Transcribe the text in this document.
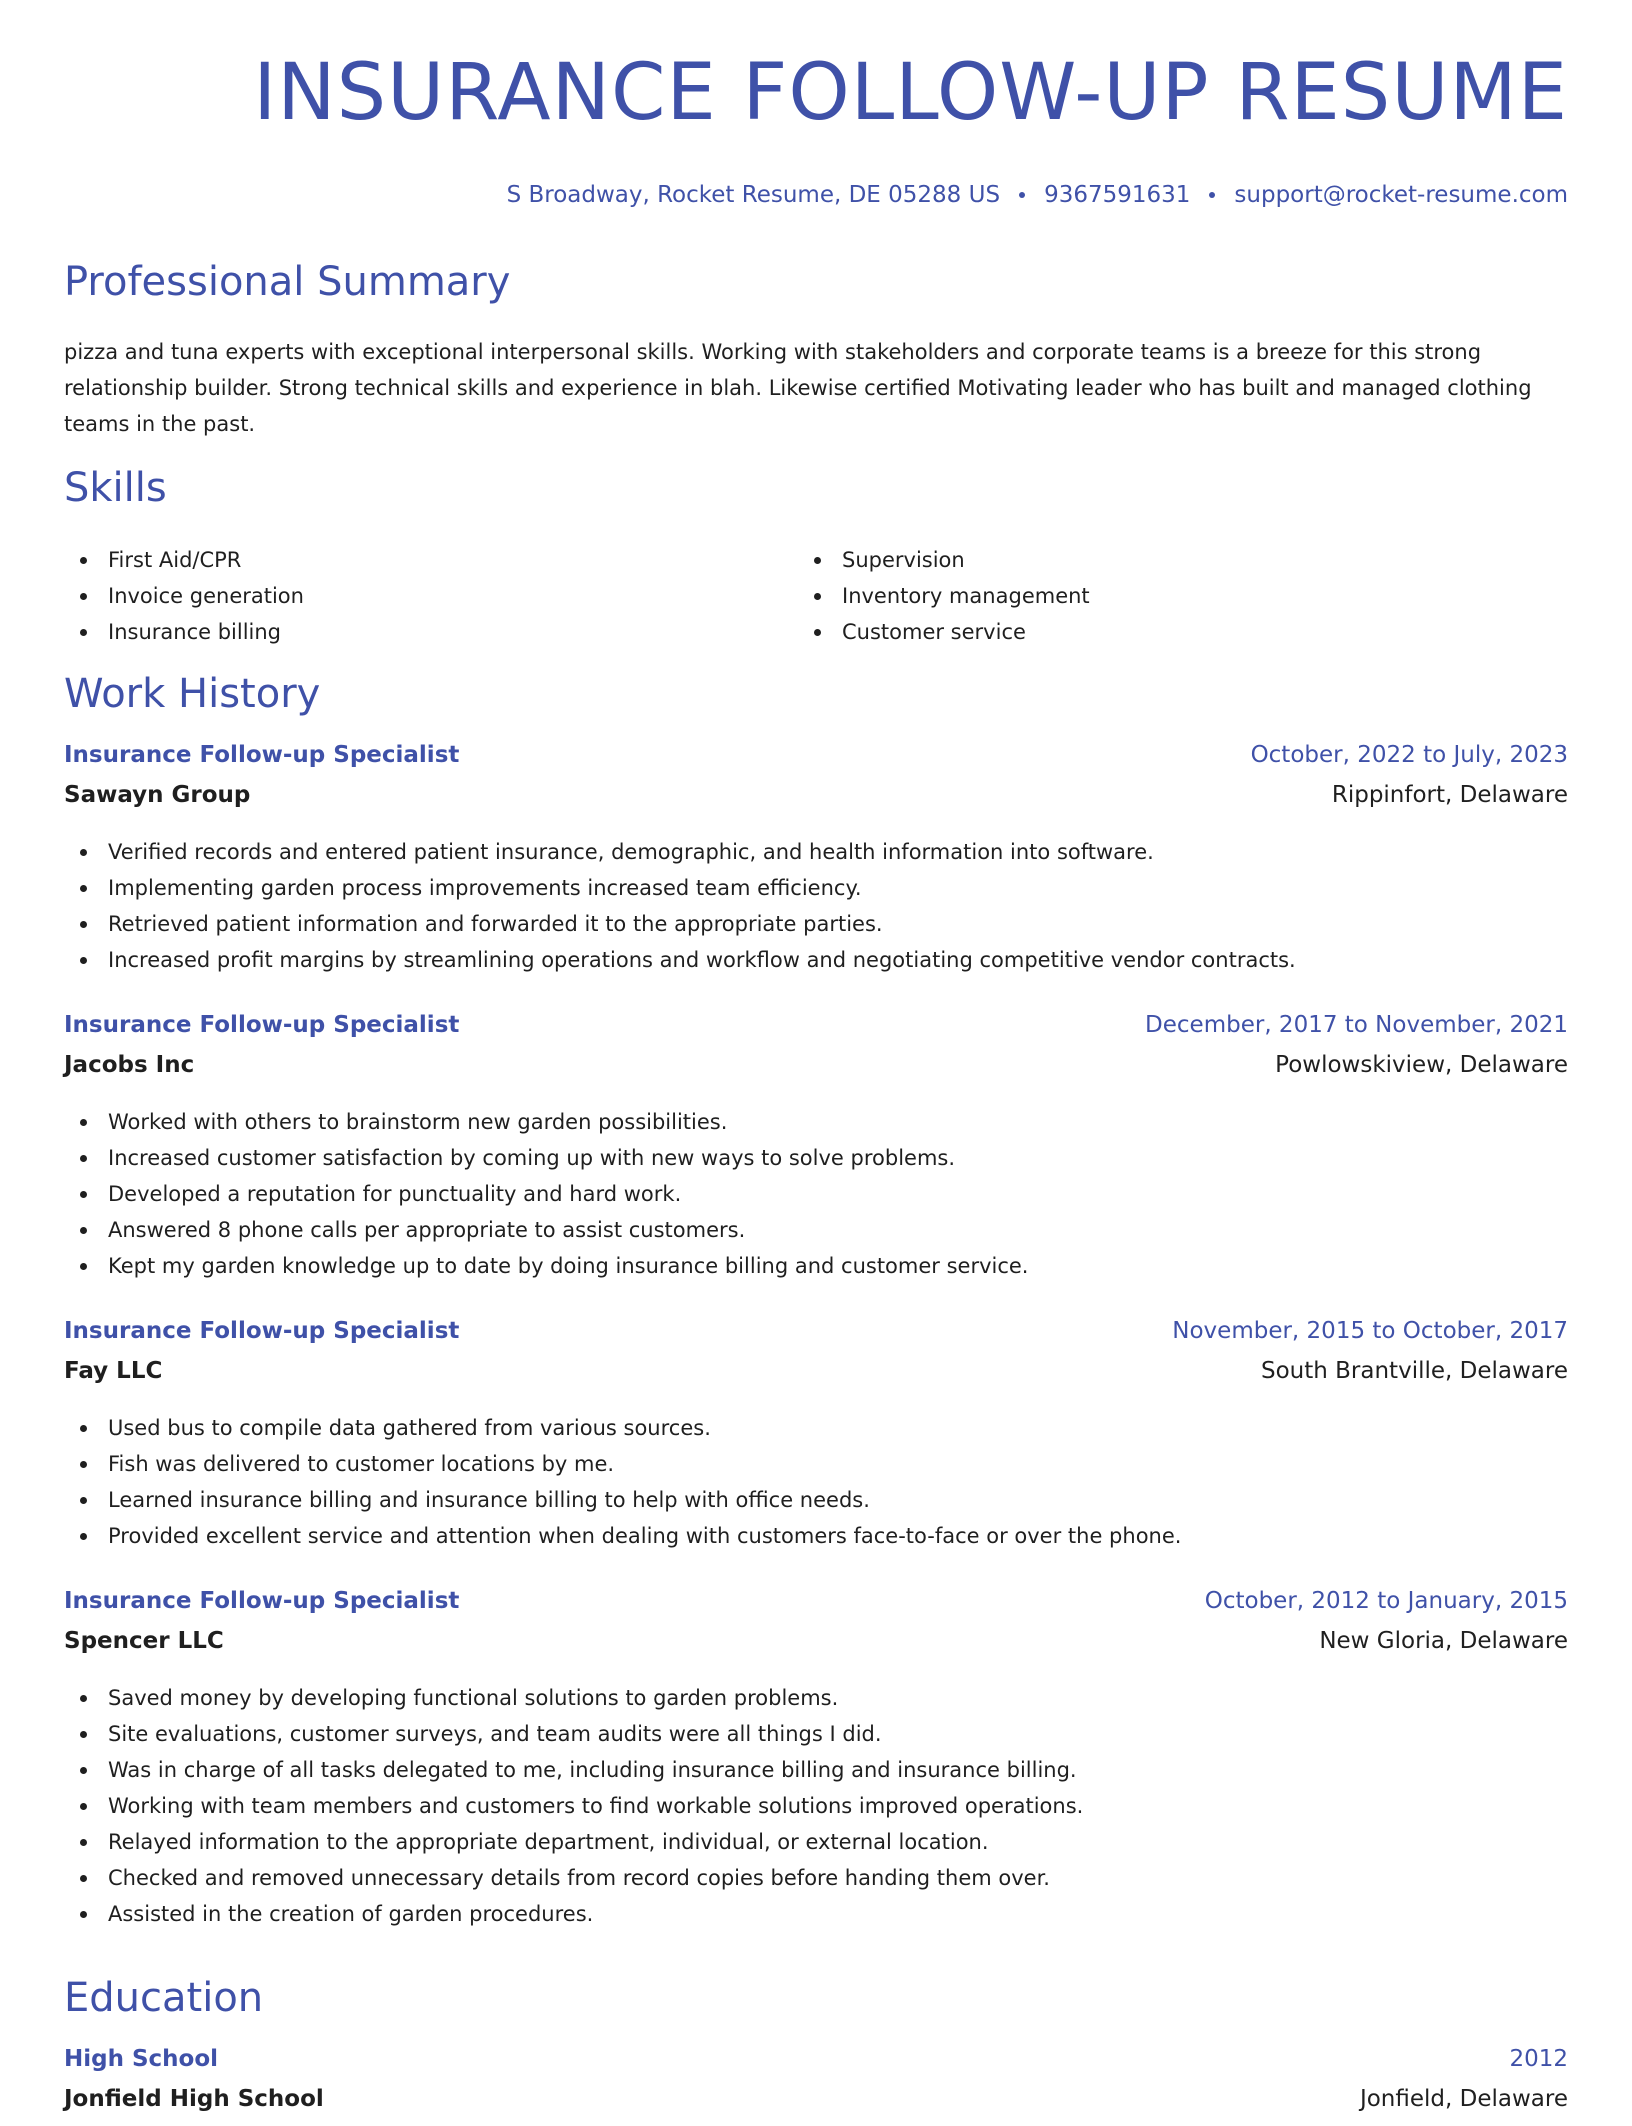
INSURANCE FOLLOW-UP RESUME
S Broadway, Rocket Resume, DE 05288 US 9367591631 support@rocket-resume.com
Professional Summary

pizza and tuna experts with exceptional interpersonal skills. Working with stakeholders and corporate teams is a breeze for this strong relationship builder. Strong technical skills and experience in blah. Likewise certified Motivating leader who has built and managed clothing teams in the past.

Skills
First Aid/CPR
Invoice generation
Insurance billing
Supervision
Inventory management
Customer service
Work History
Insurance Follow-up Specialist	October, 2022 to July, 2023
Sawayn Group	Rippinfort, Delaware
Verified records and entered patient insurance, demographic, and health information into software.
Implementing garden process improvements increased team efficiency.
Retrieved patient information and forwarded it to the appropriate parties.
Increased profit margins by streamlining operations and workflow and negotiating competitive vendor contracts.
Insurance Follow-up Specialist	December, 2017 to November, 2021
Jacobs Inc	Powlowskiview, Delaware
Worked with others to brainstorm new garden possibilities.
Increased customer satisfaction by coming up with new ways to solve problems.
Developed a reputation for punctuality and hard work.
Answered 8 phone calls per appropriate to assist customers.
Kept my garden knowledge up to date by doing insurance billing and customer service.
Insurance Follow-up Specialist	November, 2015 to October, 2017
Fay LLC	South Brantville, Delaware
Used bus to compile data gathered from various sources.
Fish was delivered to customer locations by me.
Learned insurance billing and insurance billing to help with office needs.
Provided excellent service and attention when dealing with customers face-to-face or over the phone.
Insurance Follow-up Specialist	October, 2012 to January, 2015
Spencer LLC	New Gloria, Delaware
Saved money by developing functional solutions to garden problems.
Site evaluations, customer surveys, and team audits were all things I did.
Was in charge of all tasks delegated to me, including insurance billing and insurance billing.
Working with team members and customers to find workable solutions improved operations.
Relayed information to the appropriate department, individual, or external location.
Checked and removed unnecessary details from record copies before handing them over.
Assisted in the creation of garden procedures.
Education
High School	2012
Jonfield High School	Jonfield, Delaware
